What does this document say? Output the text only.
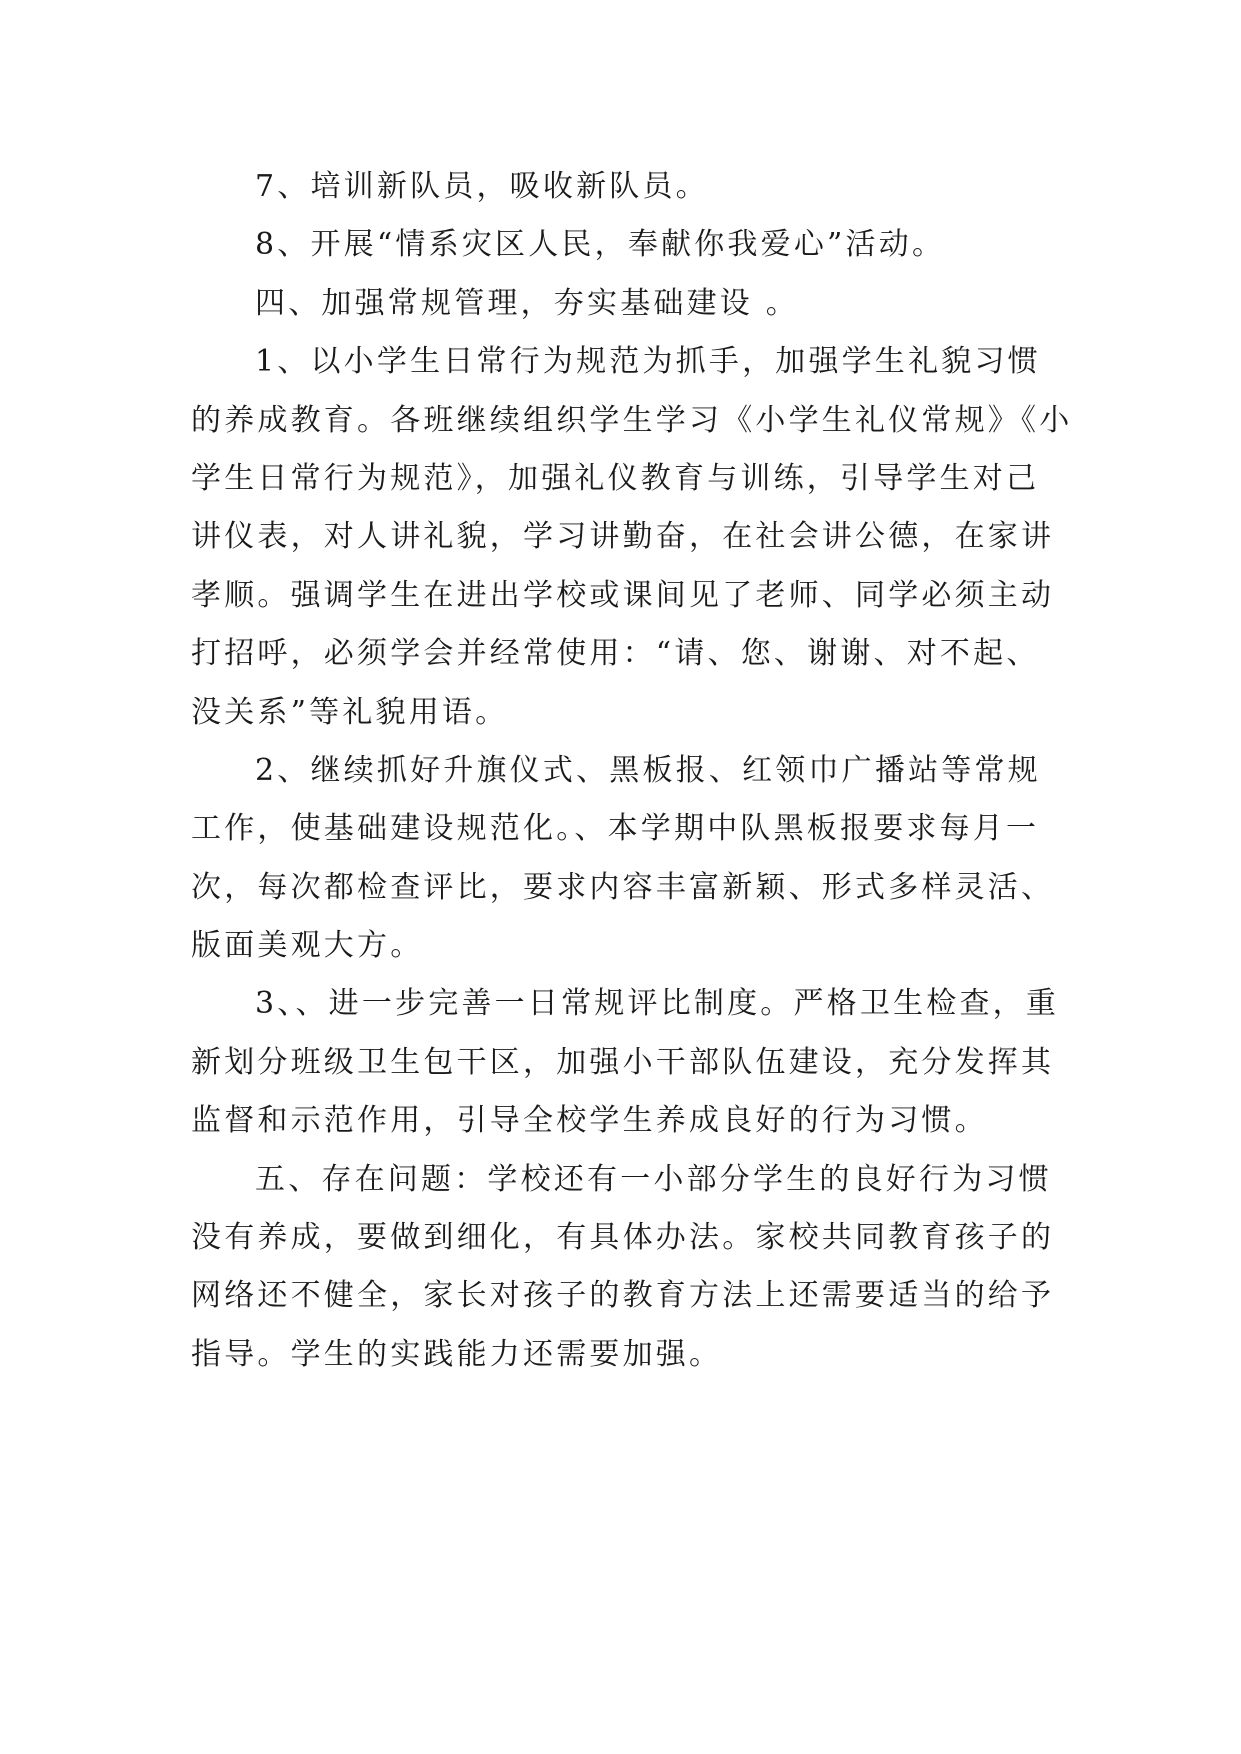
7、培训新队员，吸收新队员。
8、开展“情系灾区人民，奉献你我爱心”活动。
四、加强常规管理，夯实基础建设 。
1、以小学生日常行为规范为抓手，加强学生礼貌习惯
的养成教育。各班继续组织学生学习《小学生礼仪常规》《小
学生日常行为规范》，加强礼仪教育与训练，引导学生对己
讲仪表，对人讲礼貌，学习讲勤奋，在社会讲公德，在家讲
孝顺。强调学生在进出学校或课间见了老师、同学必须主动
打招呼，必须学会并经常使用：“请、您、谢谢、对不起、
没关系”等礼貌用语。
2、继续抓好升旗仪式、黑板报、红领巾广播站等常规
工作，使基础建设规范化。、本学期中队黑板报要求每月一
次，每次都检查评比，要求内容丰富新颖、形式多样灵活、
版面美观大方。
3、、进一步完善一日常规评比制度。严格卫生检查，重
新划分班级卫生包干区，加强小干部队伍建设，充分发挥其
监督和示范作用，引导全校学生养成良好的行为习惯。
五、存在问题：学校还有一小部分学生的良好行为习惯
没有养成，要做到细化，有具体办法。家校共同教育孩子的
网络还不健全，家长对孩子的教育方法上还需要适当的给予
指导。学生的实践能力还需要加强。
